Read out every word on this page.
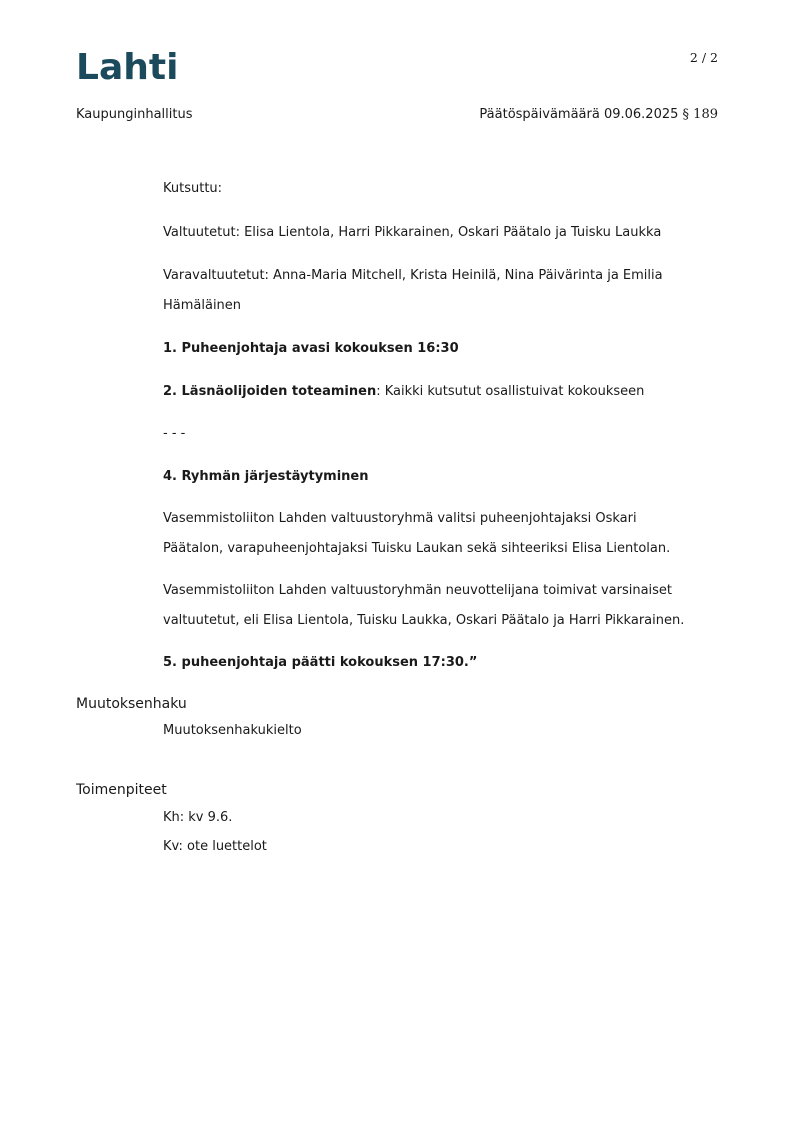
Lahti	2 / 2
Kaupunginhallitus	Päätöspäivämäärä 09.06.2025 § 189

Kutsuttu:

Valtuutetut: Elisa Lientola, Harri Pikkarainen, Oskari Päätalo ja Tuisku Laukka

Varavaltuutetut: Anna-Maria Mitchell, Krista Heinilä, Nina Päivärinta ja Emilia

Hämäläinen

1. Puheenjohtaja avasi kokouksen 16:30

2. Läsnäolijoiden toteaminen: Kaikki kutsutut osallistuivat kokoukseen

- - -

4. Ryhmän järjestäytyminen

Vasemmistoliiton Lahden valtuustoryhmä valitsi puheenjohtajaksi Oskari

Päätalon, varapuheenjohtajaksi Tuisku Laukan sekä sihteeriksi Elisa Lientolan.

Vasemmistoliiton Lahden valtuustoryhmän neuvottelijana toimivat varsinaiset

valtuutetut, eli Elisa Lientola, Tuisku Laukka, Oskari Päätalo ja Harri Pikkarainen.

5. puheenjohtaja päätti kokouksen 17:30.”

Muutoksenhaku
Muutoksenhakukielto
Toimenpiteet
Kh: kv 9.6.
Kv: ote luettelot
